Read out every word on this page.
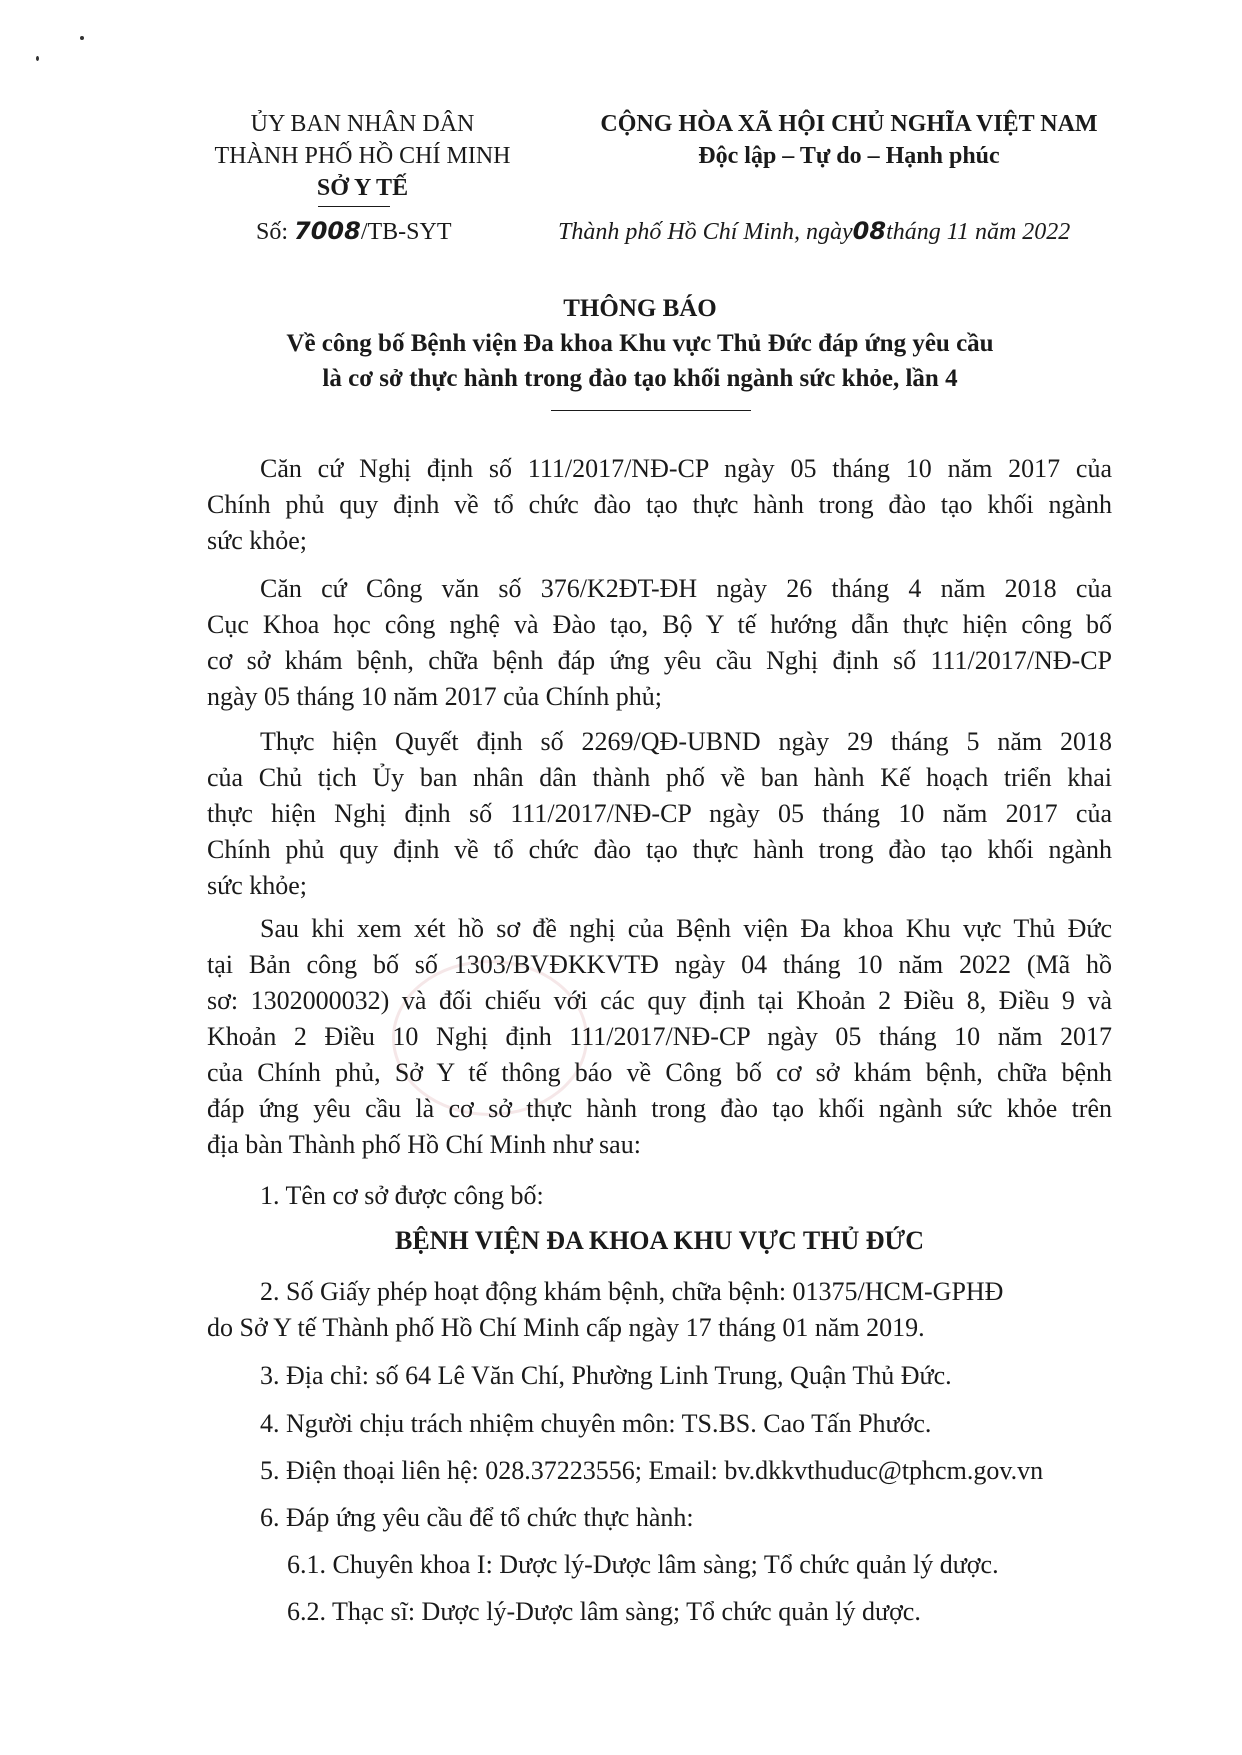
ỦY BAN NHÂN DÂN
THÀNH PHỐ HỒ CHÍ MINH
SỞ Y TẾ
Số: 7008/TB-SYT
CỘNG HÒA XÃ HỘI CHỦ NGHĨA VIỆT NAM
Độc lập – Tự do – Hạnh phúc
Thành phố Hồ Chí Minh, ngày08tháng 11 năm 2022
THÔNG BÁO
Về công bố Bệnh viện Đa khoa Khu vực Thủ Đức đáp ứng yêu cầu
là cơ sở thực hành trong đào tạo khối ngành sức khỏe, lần 4
Căn cứ Nghị định số 111/2017/NĐ-CP ngày 05 tháng 10 năm 2017 của
Chính phủ quy định về tổ chức đào tạo thực hành trong đào tạo khối ngành
sức khỏe;
Căn cứ Công văn số 376/K2ĐT-ĐH ngày 26 tháng 4 năm 2018 của
Cục Khoa học công nghệ và Đào tạo, Bộ Y tế hướng dẫn thực hiện công bố
cơ sở khám bệnh, chữa bệnh đáp ứng yêu cầu Nghị định số 111/2017/NĐ-CP
ngày 05 tháng 10 năm 2017 của Chính phủ;
Thực hiện Quyết định số 2269/QĐ-UBND ngày 29 tháng 5 năm 2018
của Chủ tịch Ủy ban nhân dân thành phố về ban hành Kế hoạch triển khai
thực hiện Nghị định số 111/2017/NĐ-CP ngày 05 tháng 10 năm 2017 của
Chính phủ quy định về tổ chức đào tạo thực hành trong đào tạo khối ngành
sức khỏe;
Sau khi xem xét hồ sơ đề nghị của Bệnh viện Đa khoa Khu vực Thủ Đức
tại Bản công bố số 1303/BVĐKKVTĐ ngày 04 tháng 10 năm 2022 (Mã hồ
sơ: 1302000032) và đối chiếu với các quy định tại Khoản 2 Điều 8, Điều 9 và
Khoản 2 Điều 10 Nghị định 111/2017/NĐ-CP ngày 05 tháng 10 năm 2017
của Chính phủ, Sở Y tế thông báo về Công bố cơ sở khám bệnh, chữa bệnh
đáp ứng yêu cầu là cơ sở thực hành trong đào tạo khối ngành sức khỏe trên
địa bàn Thành phố Hồ Chí Minh như sau:
1. Tên cơ sở được công bố:
BỆNH VIỆN ĐA KHOA KHU VỰC THỦ ĐỨC
2. Số Giấy phép hoạt động khám bệnh, chữa bệnh: 01375/HCM-GPHĐ
do Sở Y tế Thành phố Hồ Chí Minh cấp ngày 17 tháng 01 năm 2019.
3. Địa chỉ: số 64 Lê Văn Chí, Phường Linh Trung, Quận Thủ Đức.
4. Người chịu trách nhiệm chuyên môn: TS.BS. Cao Tấn Phước.
5. Điện thoại liên hệ: 028.37223556; Email: bv.dkkvthuduc@tphcm.gov.vn
6. Đáp ứng yêu cầu để tổ chức thực hành:
6.1. Chuyên khoa I: Dược lý-Dược lâm sàng; Tổ chức quản lý dược.
6.2. Thạc sĩ: Dược lý-Dược lâm sàng; Tổ chức quản lý dược.
